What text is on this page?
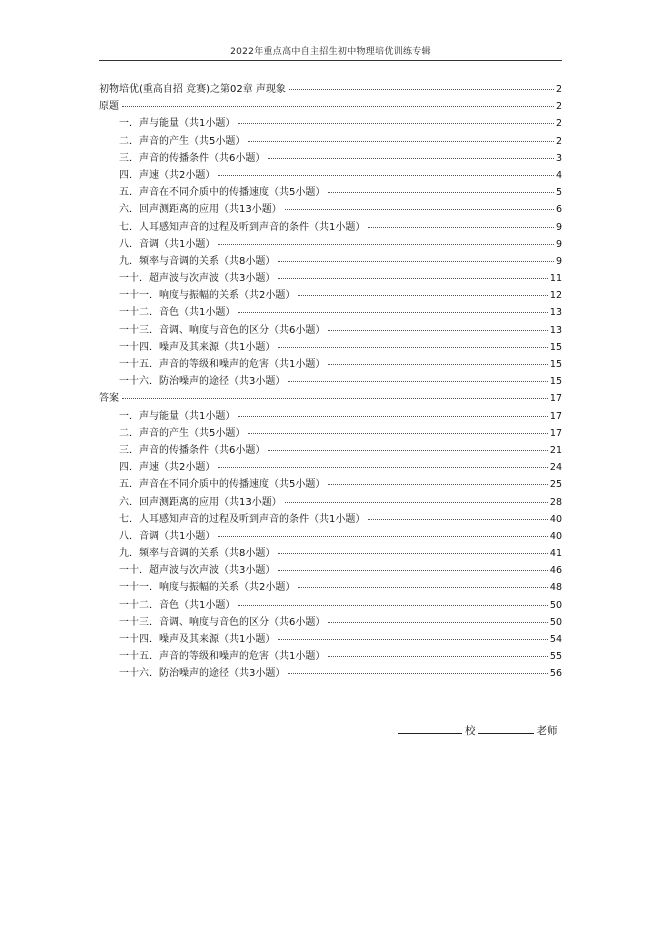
2022年重点高中自主招生初中物理培优训练专辑
初物培优(重高自招 竞赛)之第02章 声现象	2
原题	2
一．声与能量（共1小题）	2
二．声音的产生（共5小题）	2
三．声音的传播条件（共6小题）	3
四．声速（共2小题）	4
五．声音在不同介质中的传播速度（共5小题）	5
六．回声测距离的应用（共13小题）	6
七．人耳感知声音的过程及听到声音的条件（共1小题）	9
八．音调（共1小题）	9
九．频率与音调的关系（共8小题）	9
一十．超声波与次声波（共3小题）	11
一十一．响度与振幅的关系（共2小题）	12
一十二．音色（共1小题）	13
一十三．音调、响度与音色的区分（共6小题）	13
一十四．噪声及其来源（共1小题）	15
一十五．声音的等级和噪声的危害（共1小题）	15
一十六．防治噪声的途径（共3小题）	15
答案	17
一．声与能量（共1小题）	17
二．声音的产生（共5小题）	17
三．声音的传播条件（共6小题）	21
四．声速（共2小题）	24
五．声音在不同介质中的传播速度（共5小题）	25
六．回声测距离的应用（共13小题）	28
七．人耳感知声音的过程及听到声音的条件（共1小题）	40
八．音调（共1小题）	40
九．频率与音调的关系（共8小题）	41
一十．超声波与次声波（共3小题）	46
一十一．响度与振幅的关系（共2小题）	48
一十二．音色（共1小题）	50
一十三．音调、响度与音色的区分（共6小题）	50
一十四．噪声及其来源（共1小题）	54
一十五．声音的等级和噪声的危害（共1小题）	55
一十六．防治噪声的途径（共3小题）	56
校	老师
